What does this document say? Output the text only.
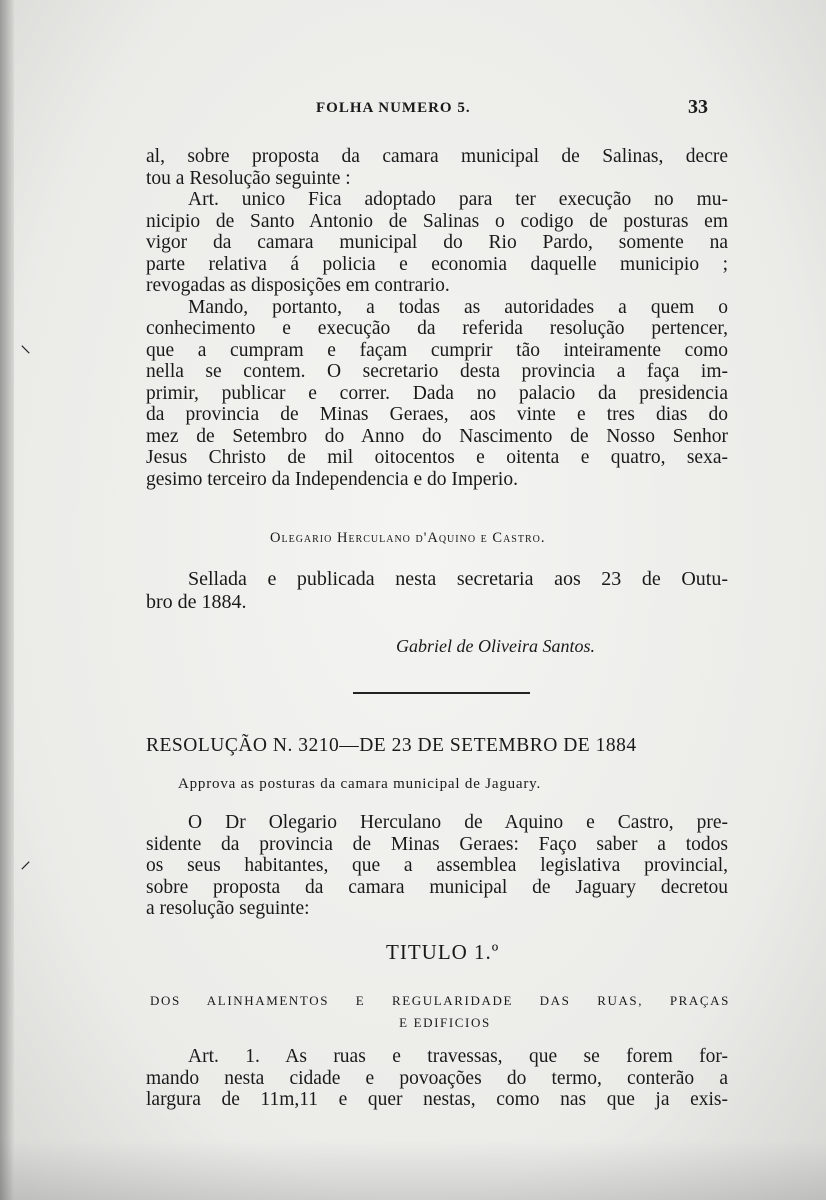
⸌
⸍
FOLHA NUMERO 5.	33
al, sobre proposta da camara municipal de Salinas, decre
tou a Resolução seguinte :
Art. unico Fica adoptado para ter execução no mu-
nicipio de Santo Antonio de Salinas o codigo de posturas em
vigor da camara municipal do Rio Pardo, somente na
parte relativa á policia e economia daquelle municipio ;
revogadas as disposições em contrario.
Mando, portanto, a todas as autoridades a quem o
conhecimento e execução da referida resolução pertencer,
que a cumpram e façam cumprir tão inteiramente como
nella se contem. O secretario desta provincia a faça im-
primir, publicar e correr. Dada no palacio da presidencia
da provincia de Minas Geraes, aos vinte e tres dias do
mez de Setembro do Anno do Nascimento de Nosso Senhor
Jesus Christo de mil oitocentos e oitenta e quatro, sexa-
gesimo terceiro da Independencia e do Imperio.
Olegario Herculano d'Aquino e Castro.
Sellada e publicada nesta secretaria aos 23 de Outu-
bro de 1884.
Gabriel de Oliveira Santos.
RESOLUÇÃO N. 3210—DE 23 DE SETEMBRO DE 1884
Approva as posturas da camara municipal de Jaguary.
O Dr Olegario Herculano de Aquino e Castro, pre-
sidente da provincia de Minas Geraes: Faço saber a todos
os seus habitantes, que a assemblea legislativa provincial,
sobre proposta da camara municipal de Jaguary decretou
a resolução seguinte:
TITULO 1.º
DOS ALINHAMENTOS E REGULARIDADE DAS RUAS, PRAÇAS
E EDIFICIOS
Art. 1. As ruas e travessas, que se forem for-
mando nesta cidade e povoações do termo, conterão a
largura de 11m,11 e quer nestas, como nas que ja exis-
